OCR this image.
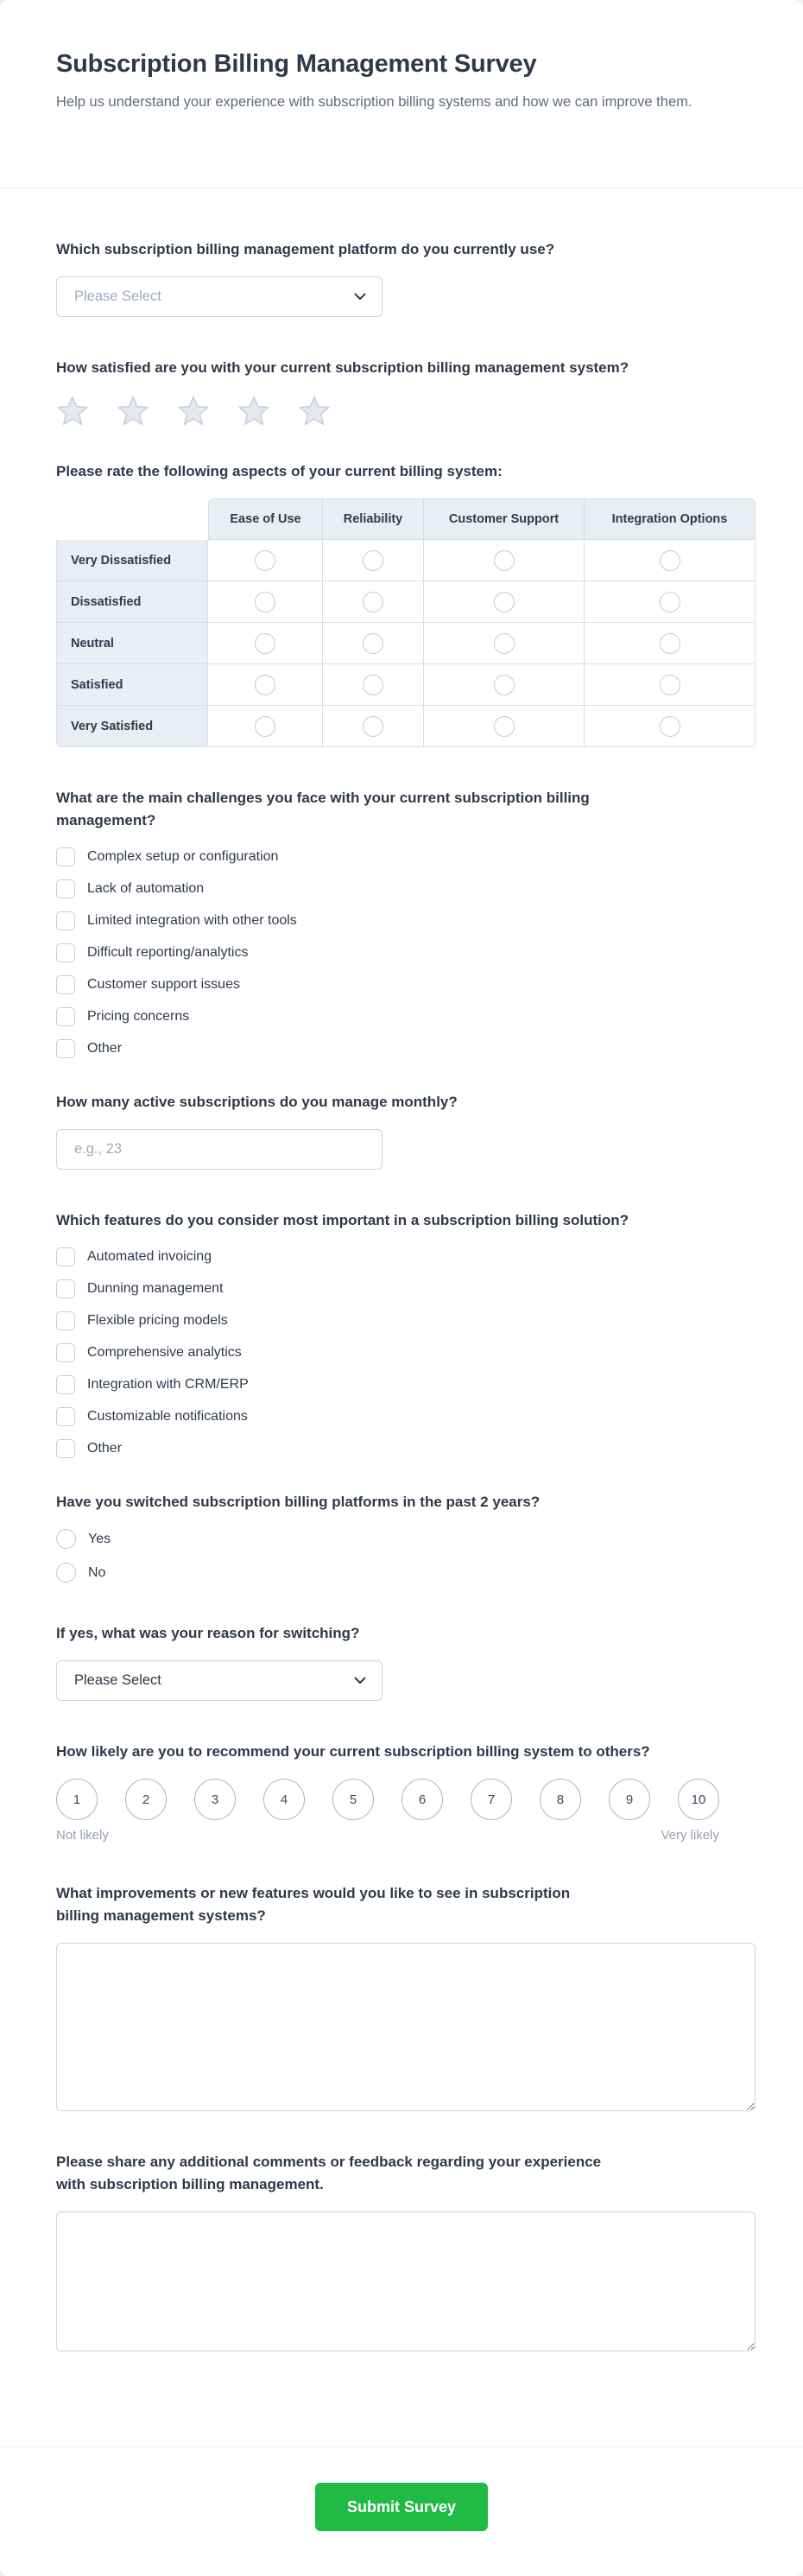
Subscription Billing Management Survey
Help us understand your experience with subscription billing systems and how we can improve them.
Which subscription billing management platform do you currently use?
Please Select
How satisfied are you with your current subscription billing management system?
Please rate the following aspects of your current billing system:
	Ease of Use	Reliability	Customer Support	Integration Options
Very Dissatisfied				
Dissatisfied				
Neutral				
Satisfied				
Very Satisfied				
What are the main challenges you face with your current subscription billing management?
Complex setup or configuration
Lack of automation
Limited integration with other tools
Difficult reporting/analytics
Customer support issues
Pricing concerns
Other
How many active subscriptions do you manage monthly?
e.g., 23
Which features do you consider most important in a subscription billing solution?
Automated invoicing
Dunning management
Flexible pricing models
Comprehensive analytics
Integration with CRM/ERP
Customizable notifications
Other
Have you switched subscription billing platforms in the past 2 years?
Yes
No
If yes, what was your reason for switching?
Please Select
How likely are you to recommend your current subscription billing system to others?
1	2	3	4	5	6	7	8	9	10
Not likely	Very likely
What improvements or new features would you like to see in subscription billing management systems?
Please share any additional comments or feedback regarding your experience with subscription billing management.
Submit Survey
